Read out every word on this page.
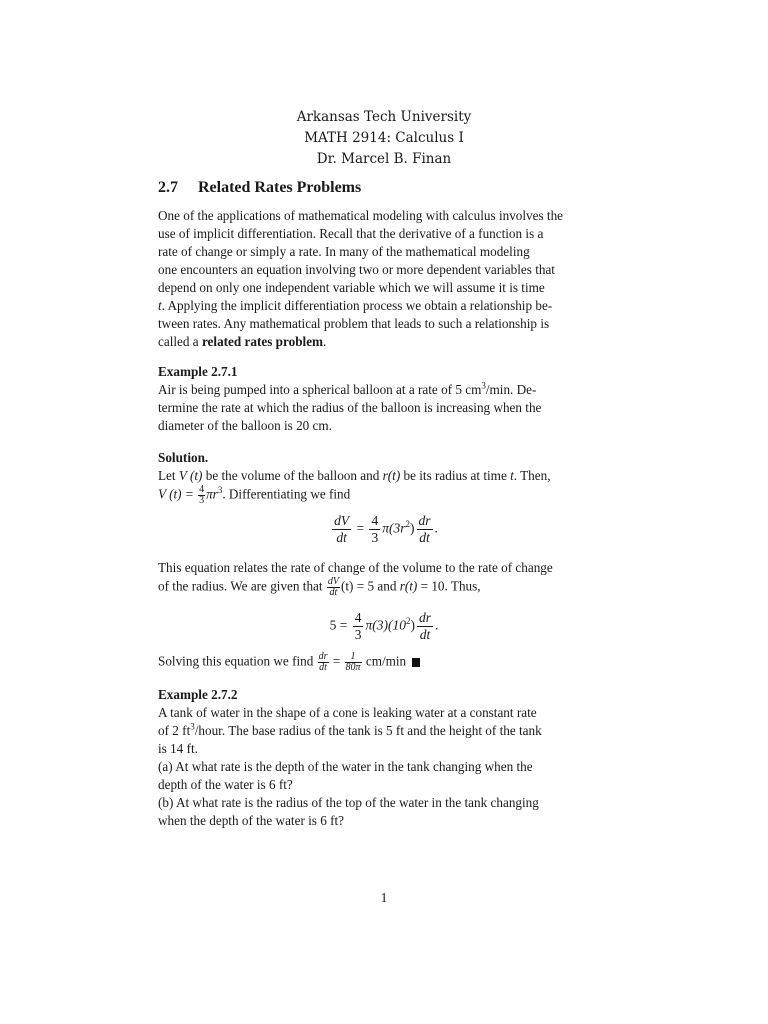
Arkansas Tech University
MATH 2914: Calculus I
Dr. Marcel B. Finan
2.7 Related Rates Problems
One of the applications of mathematical modeling with calculus involves the
use of implicit differentiation. Recall that the derivative of a function is a
rate of change or simply a rate. In many of the mathematical modeling
one encounters an equation involving two or more dependent variables that
depend on only one independent variable which we will assume it is time
t. Applying the implicit differentiation process we obtain a relationship be-
tween rates. Any mathematical problem that leads to such a relationship is
called a related rates problem.
Example 2.7.1
Air is being pumped into a spherical balloon at a rate of 5 $cm^3/\min$. De-
termine the rate at which the radius of the balloon is increasing when the
diameter of the balloon is 20 cm.
Solution.
Let V (t) be the volume of the balloon and r(t) be its radius at time t. Then,
V $(t) = \frac{4}{3} \pi r^3$. Differentiating we find
$\frac{dV}{dt} = \frac{4}{3} \pi(3r^2) \frac{dr}{dt}$ .
This equation relates the rate of change of the volume to the rate of change
of the radius. We are given that $\frac{dV}{dt} (t) = 5$ and r(t) = 10. Thus,
$5 = \frac{4}{3} \pi(3)(10^2) \frac{dr}{dt}$ .
Solving this equation we find $\frac{dr}{dt} = \frac{1}{80\pi} cm/\min$
Example 2.7.2
A tank of water in the shape of a cone is leaking water at a constant rate
of 2 $ft^3$/hour. The base radius of the tank is 5 ft and the height of the tank
is 14 ft.
(a) At what rate is the depth of the water in the tank changing when the
depth of the water is 6 ft?
(b) At what rate is the radius of the top of the water in the tank changing
when the depth of the water is 6 ft?
1
